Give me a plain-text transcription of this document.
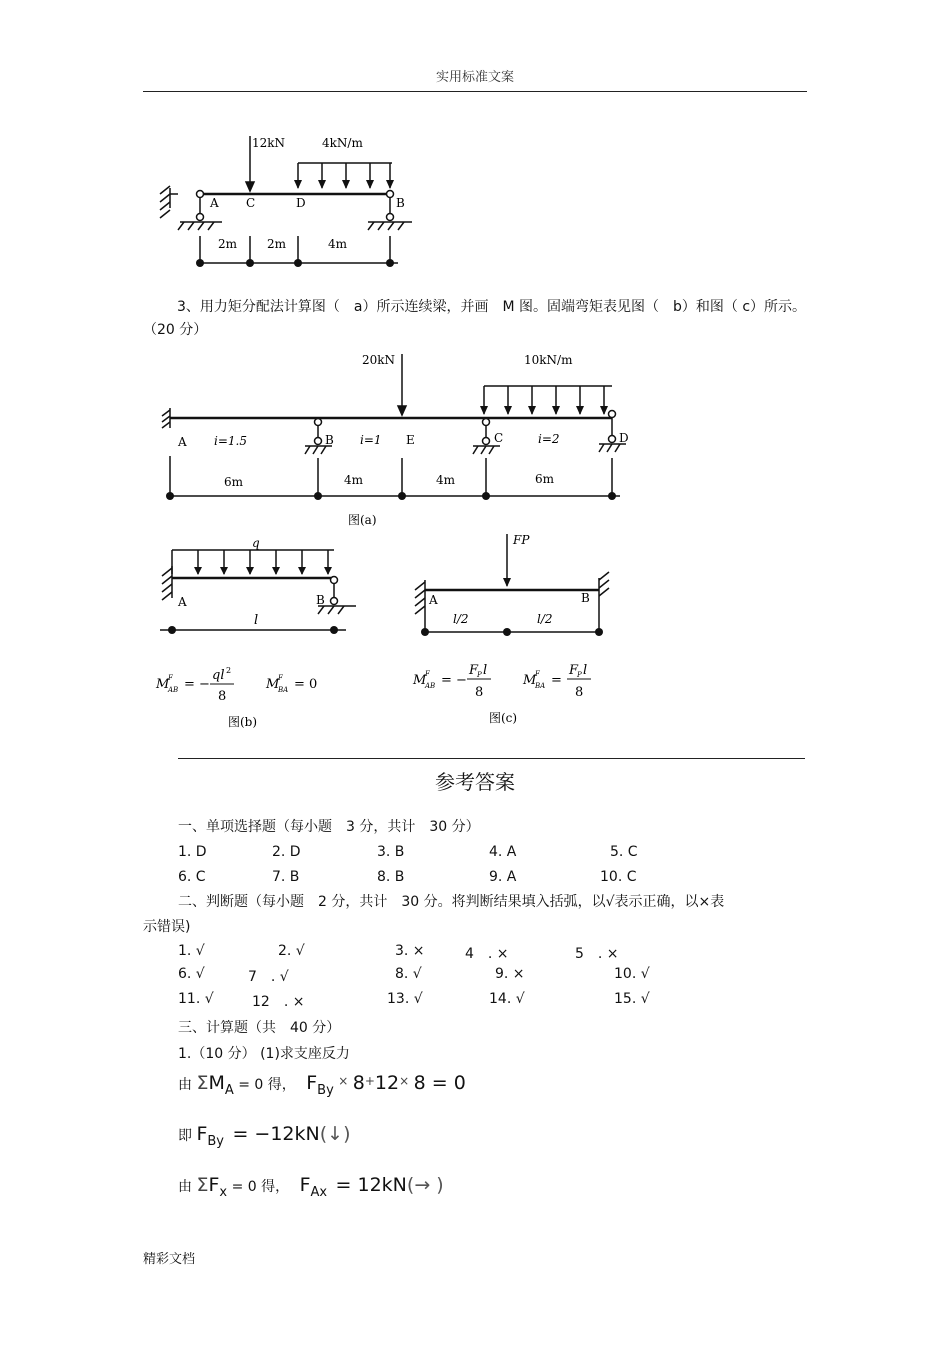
实用标准文案
12kN	4kN/m
A C	D	B
2m 2m	4m
3、用力矩分配法计算图（　a）所示连续梁，并画　M 图。固端弯矩表见图（　b）和图（ c）所示。（20 分）
20kN	10kN/m
A	B	E	C	D
i=1.5	i=1	i=2
6m	4m	4m	6m
图(a)
q
A	B
l
M
F
AB = −
ql 2
8
M
F
BA = 0
图(b)
FP
A	B
l/2	l/2
M
F
AB = −
F
P l
8
M
F
BA =
F
P l
8
图(c)
参考答案
一、单项选择题（每小题　3 分，共计　30 分）
1. D	2. D	3. B	4. A	5. C
6. C	7. B	8. B	9. A	10. C
二、判断题（每小题　2 分，共计　30 分。将判断结果填入括弧，以√表示正确，以×表
示错误)
1. √	2. √	3. ×	4　. ×	5　. ×
6. √	7　. √	8. √	9. ×	10. √
11. √	12　. ×	13. √	14. √	15. √
三、计算题（共　40 分）
1.（10 分） (1)求支座反力
由 ΣMA = 0 得， FBy × 8+12× 8 = 0
即 FBy = −12kN(↓)
由 ΣFx = 0 得， FAx = 12kN(→ )
精彩文档
